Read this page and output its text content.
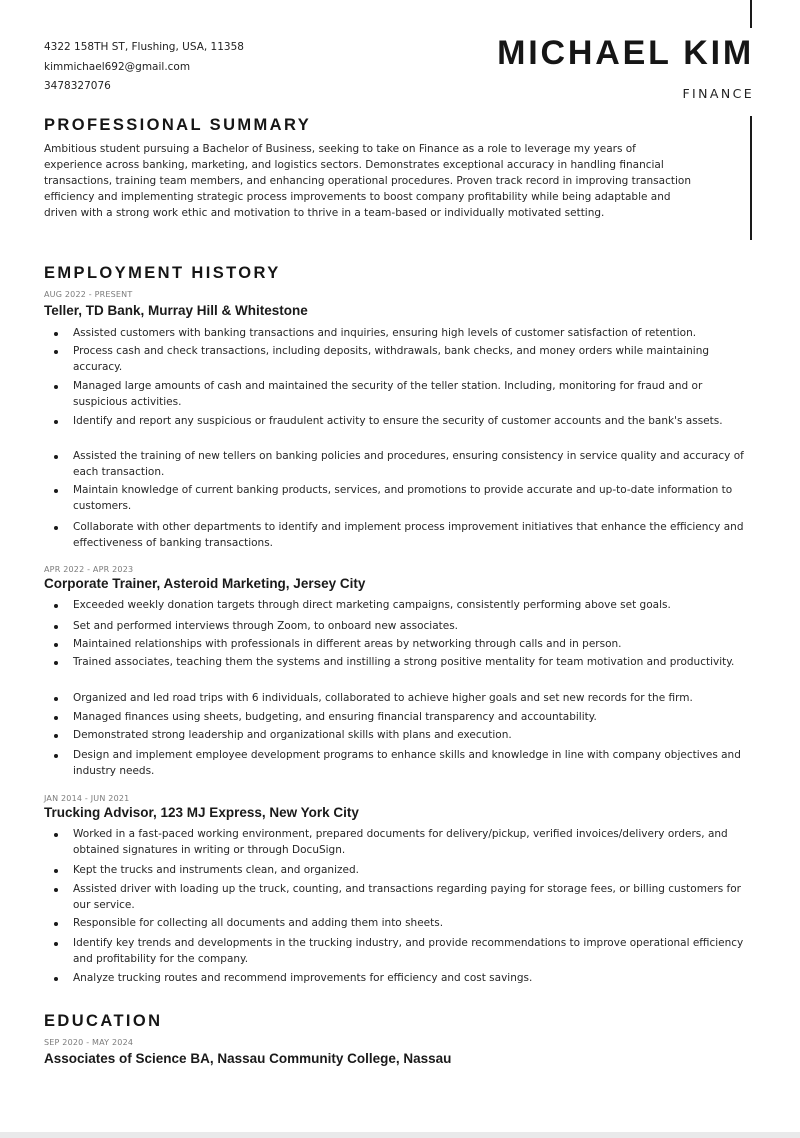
4322 158TH ST, Flushing, USA, 11358
kimmichael692@gmail.com
3478327076
MICHAEL KIM
FINANCE
PROFESSIONAL SUMMARY
Ambitious student pursuing a Bachelor of Business, seeking to take on Finance as a role to leverage my years of experience across banking, marketing, and logistics sectors. Demonstrates exceptional accuracy in handling financial transactions, training team members, and enhancing operational procedures. Proven track record in improving transaction efficiency and implementing strategic process improvements to boost company profitability while being adaptable and driven with a strong work ethic and motivation to thrive in a team-based or individually motivated setting.
EMPLOYMENT HISTORY
AUG 2022 - PRESENT
Teller, TD Bank, Murray Hill & Whitestone
Assisted customers with banking transactions and inquiries, ensuring high levels of customer satisfaction of retention.
Process cash and check transactions, including deposits, withdrawals, bank checks, and money orders while maintaining accuracy.
Managed large amounts of cash and maintained the security of the teller station. Including, monitoring for fraud and or suspicious activities.
Identify and report any suspicious or fraudulent activity to ensure the security of customer accounts and the bank's assets.
Assisted the training of new tellers on banking policies and procedures, ensuring consistency in service quality and accuracy of each transaction.
Maintain knowledge of current banking products, services, and promotions to provide accurate and up-to-date information to customers.
Collaborate with other departments to identify and implement process improvement initiatives that enhance the efficiency and effectiveness of banking transactions.
APR 2022 - APR 2023
Corporate Trainer, Asteroid Marketing, Jersey City
Exceeded weekly donation targets through direct marketing campaigns, consistently performing above set goals.
Set and performed interviews through Zoom, to onboard new associates.
Maintained relationships with professionals in different areas by networking through calls and in person.
Trained associates, teaching them the systems and instilling a strong positive mentality for team motivation and productivity.
Organized and led road trips with 6 individuals, collaborated to achieve higher goals and set new records for the firm.
Managed finances using sheets, budgeting, and ensuring financial transparency and accountability.
Demonstrated strong leadership and organizational skills with plans and execution.
Design and implement employee development programs to enhance skills and knowledge in line with company objectives and industry needs.
JAN 2014 - JUN 2021
Trucking Advisor, 123 MJ Express, New York City
Worked in a fast-paced working environment, prepared documents for delivery/pickup, verified invoices/delivery orders, and obtained signatures in writing or through DocuSign.
Kept the trucks and instruments clean, and organized.
Assisted driver with loading up the truck, counting, and transactions regarding paying for storage fees, or billing customers for our service.
Responsible for collecting all documents and adding them into sheets.
Identify key trends and developments in the trucking industry, and provide recommendations to improve operational efficiency and profitability for the company.
Analyze trucking routes and recommend improvements for efficiency and cost savings.
EDUCATION
SEP 2020 - MAY 2024
Associates of Science BA, Nassau Community College, Nassau
